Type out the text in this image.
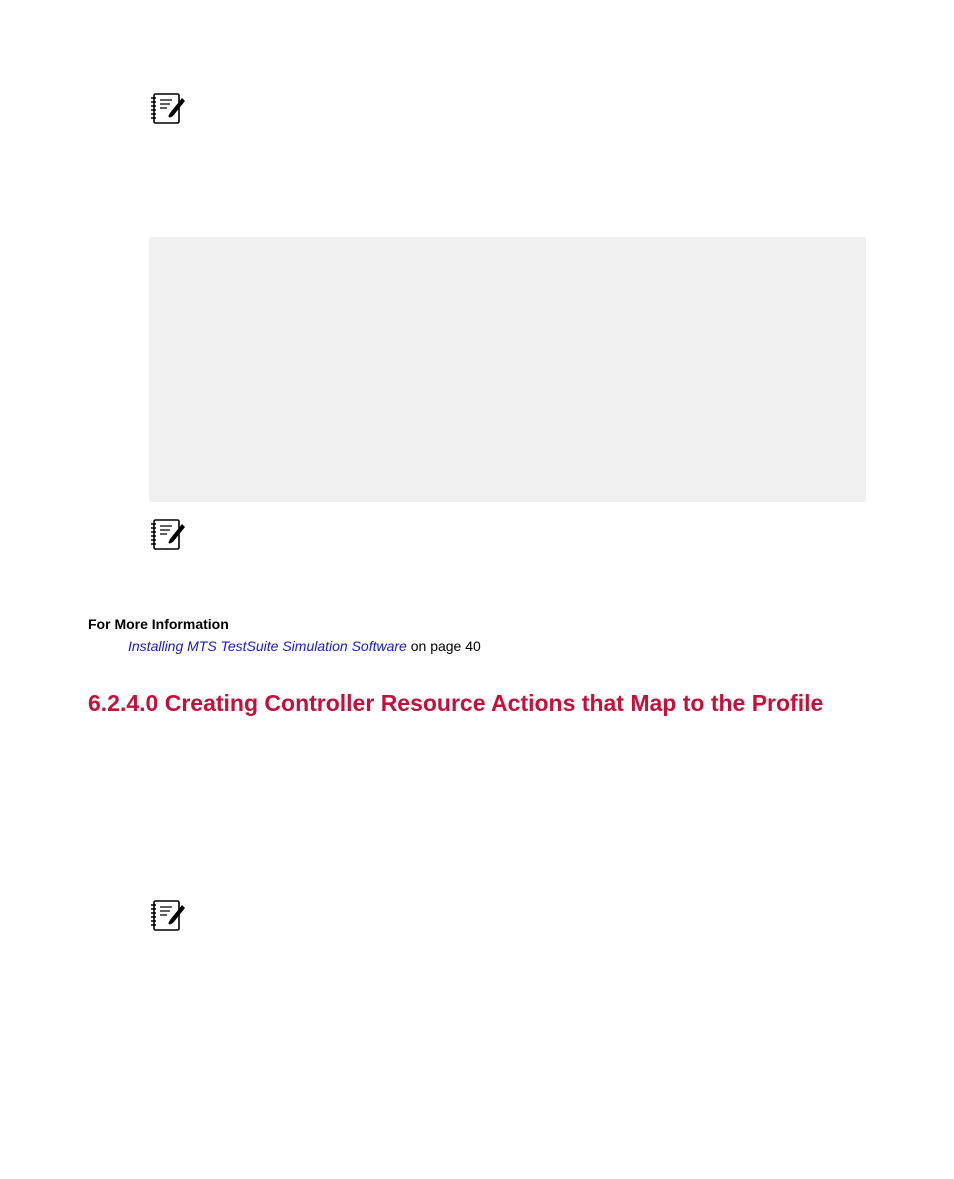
For More Information
Installing MTS TestSuite Simulation Software on page 40
6.2.4.0 Creating Controller Resource Actions that Map to the Profile
